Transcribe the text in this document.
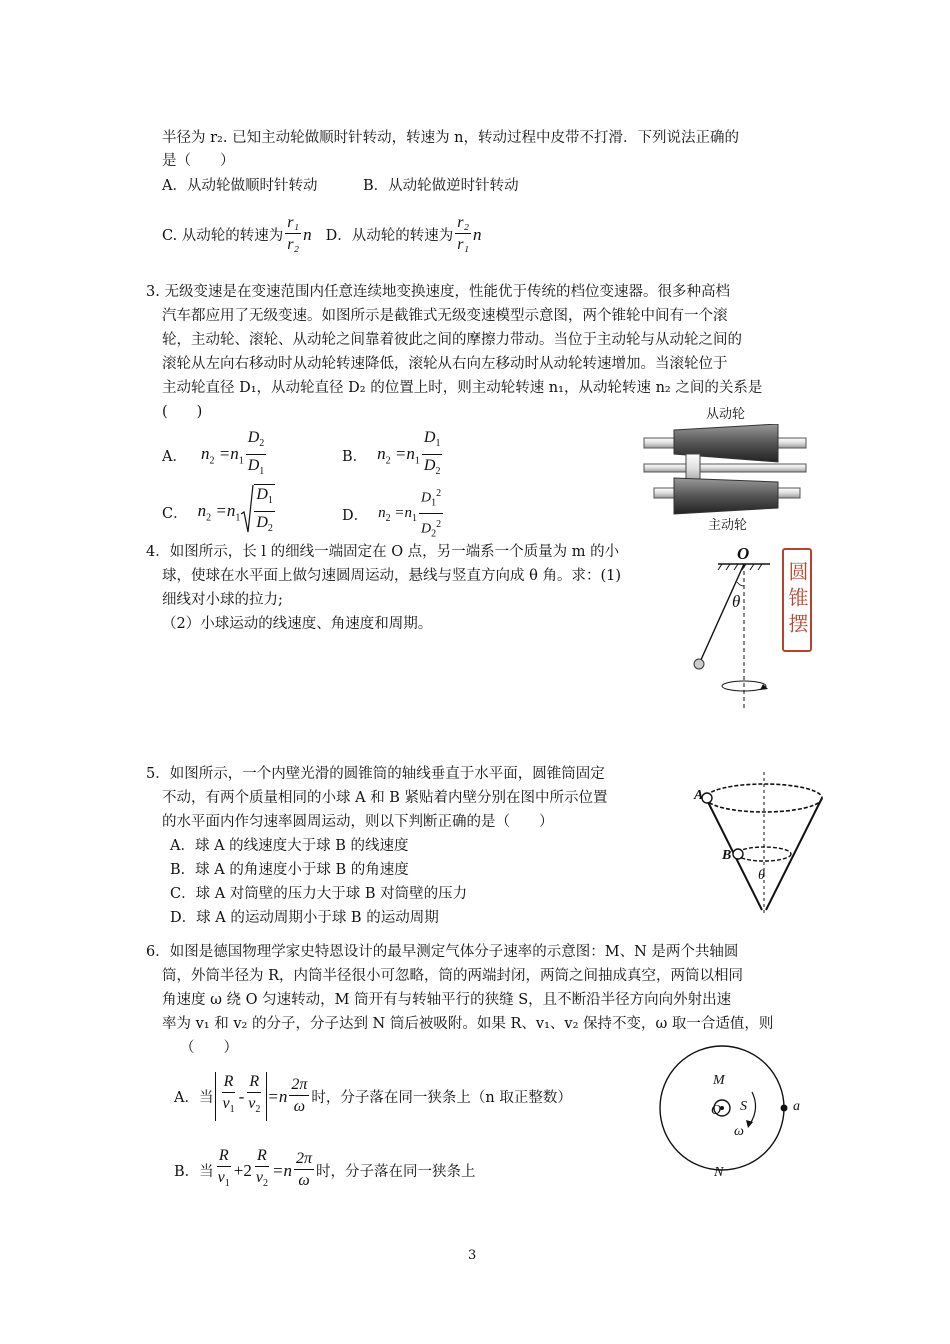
半径为 r₂. 已知主动轮做顺时针转动，转速为 n，转动过程中皮带不打滑．下列说法正确的
是（　　）
A．从动轮做顺时针转动	B．从动轮做逆时针转动
C. 从动轮的转速为 $\frac{\text{r₁}}{\text{r₂}}$ n D．从动轮的转速为 $\frac{\text{r₂}}{\text{r₁}}$ n
3. 无级变速是在变速范围内任意连续地变换速度，性能优于传统的档位变速器。很多种高档
汽车都应用了无级变速。如图所示是截锥式无级变速模型示意图，两个锥轮中间有一个滚
轮，主动轮、滚轮、从动轮之间靠着彼此之间的摩擦力带动。当位于主动轮与从动轮之间的
滚轮从左向右移动时从动轮转速降低，滚轮从右向左移动时从动轮转速增加。当滚轮位于
主动轮直径 D₁，从动轮直径 D₂ 的位置上时，则主动轮转速 n₁，从动轮转速 n₂ 之间的关系是
(　　)
A． $n_2 =n_1 \frac{D_2}{D_1}$	B． $n_2 =n_1 \frac{D_1}{D_2}$
C． $n_2 =n_1 \frac{D_1}{D_2}$	D． $n_2 =n_1 \frac{D_1^2}{D_2^2}$
从动轮
主动轮
4．如图所示，长 l 的细线一端固定在 O 点，另一端系一个质量为 m 的小
球，使球在水平面上做匀速圆周运动，悬线与竖直方向成 θ 角。求：(1)
细线对小球的拉力;
（2）小球运动的线速度、角速度和周期。
O
θ 圆锥摆
5．如图所示，一个内壁光滑的圆锥筒的轴线垂直于水平面，圆锥筒固定
不动，有两个质量相同的小球 A 和 B 紧贴着内壁分别在图中所示位置
的水平面内作匀速率圆周运动，则以下判断正确的是（　　）
A．球 A 的线速度大于球 B 的线速度
B．球 A 的角速度小于球 B 的角速度
C．球 A 对筒壁的压力大于球 B 对筒壁的压力
D．球 A 的运动周期小于球 B 的运动周期
A
B
θ
6．如图是德国物理学家史特恩设计的最早测定气体分子速率的示意图：M、N 是两个共轴圆
筒，外筒半径为 R，内筒半径很小可忽略，筒的两端封闭，两筒之间抽成真空，两筒以相同
角速度 ω 绕 O 匀速转动，M 筒开有与转轴平行的狭缝 S，且不断沿半径方向向外射出速
率为 v₁ 和 v₂ 的分子，分子达到 N 筒后被吸附。如果 R、v₁、v₂ 保持不变，ω 取一合适值，则
（　　）
A．当 $\frac{R}{v_1} - \frac{R}{v_2} =n \frac{2\pi}{\omega}$ 时，分子落在同一狭条上（n 取正整数）
B．当 $\frac{R}{v_1} +2 \frac{R}{v_2} =n \frac{2\pi}{\omega}$ 时，分子落在同一狭条上
M
O S	a
ω
N
3
